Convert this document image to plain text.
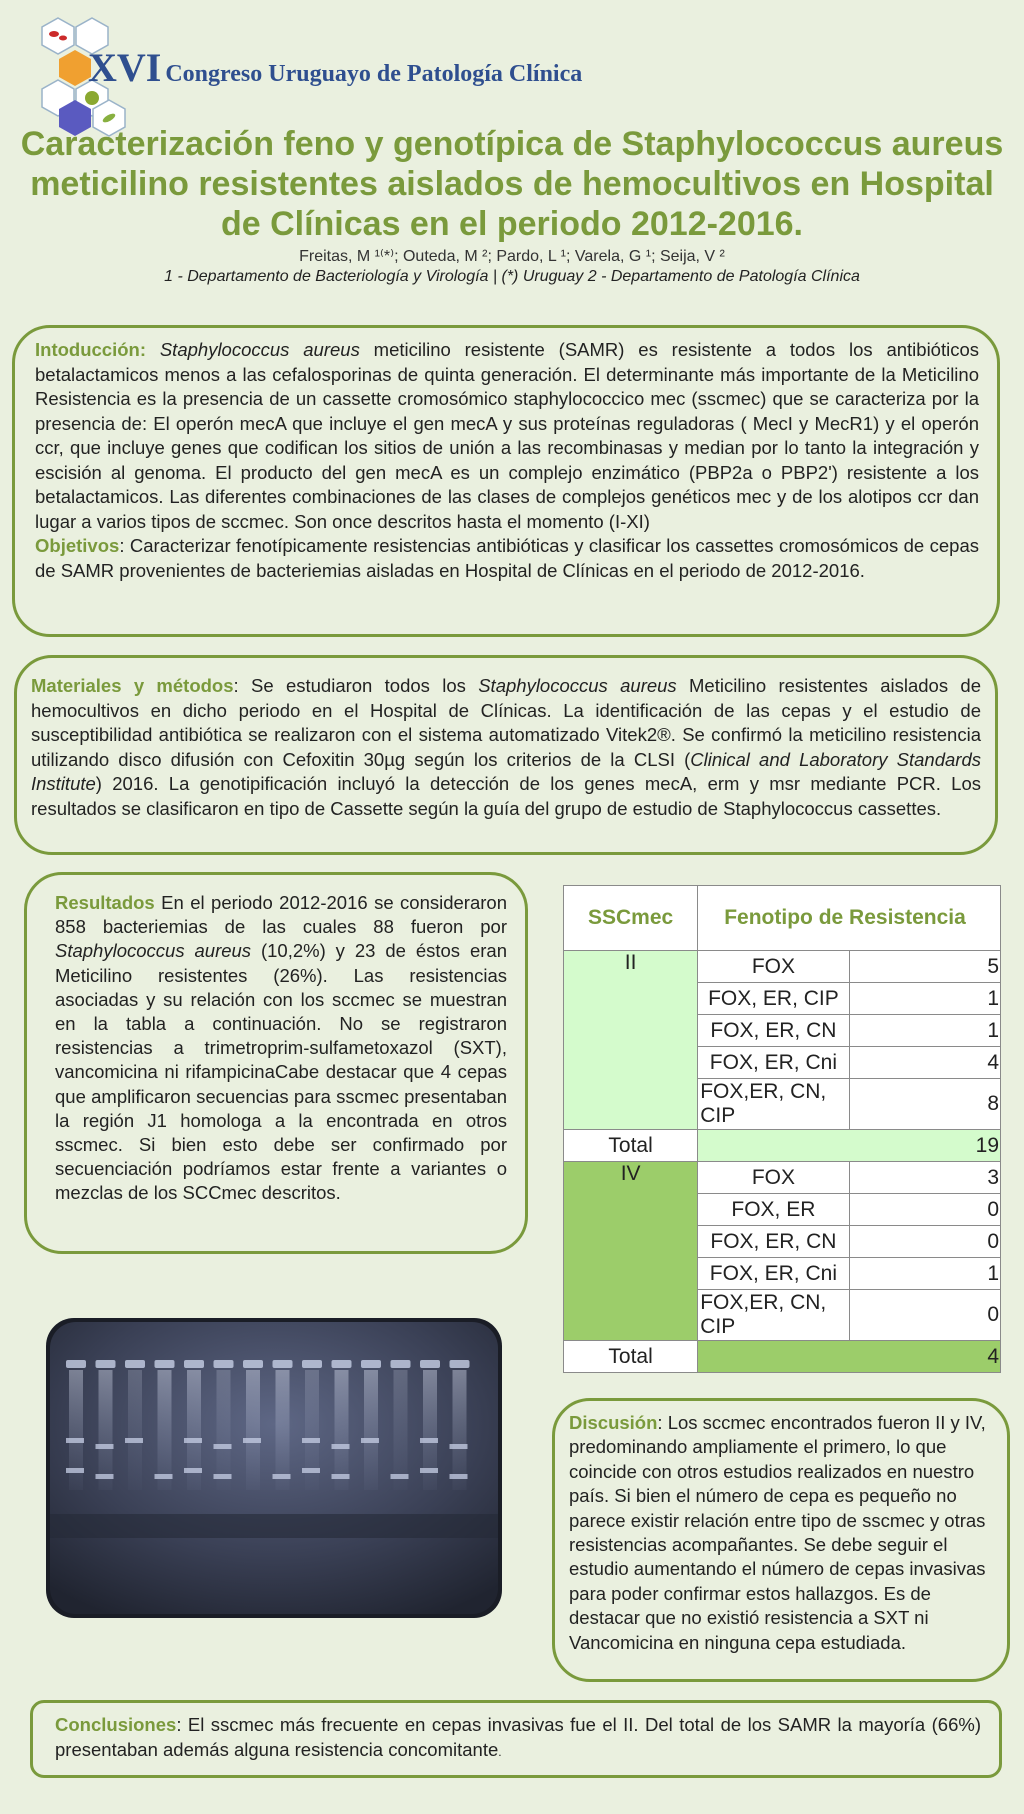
XVI Congreso Uruguayo de Patología Clínica
Caracterización feno y genotípica de Staphylococcus aureus meticilino resistentes aislados de hemocultivos en Hospital de Clínicas en el periodo 2012-2016.
Freitas, M ¹⁽*⁾; Outeda, M ²; Pardo, L ¹; Varela, G ¹; Seija, V ²
1 - Departamento de Bacteriología y Virología | (*) Uruguay 2 - Departamento de Patología Clínica
Intoducción: Staphylococcus aureus meticilino resistente (SAMR) es resistente a todos los antibióticos betalactamicos menos a las cefalosporinas de quinta generación. El determinante más importante de la Meticilino Resistencia es la presencia de un cassette cromosómico staphylococcico mec (sscmec) que se caracteriza por la presencia de: El operón mecA que incluye el gen mecA y sus proteínas reguladoras ( MecI y MecR1) y el operón ccr, que incluye genes que codifican los sitios de unión a las recombinasas y median por lo tanto la integración y escisión al genoma. El producto del gen mecA es un complejo enzimático (PBP2a o PBP2') resistente a los betalactamicos. Las diferentes combinaciones de las clases de complejos genéticos mec y de los alotipos ccr dan lugar a varios tipos de sccmec. Son once descritos hasta el momento (I-XI)
Objetivos: Caracterizar fenotípicamente resistencias antibióticas y clasificar los cassettes cromosómicos de cepas de SAMR provenientes de bacteriemias aisladas en Hospital de Clínicas en el periodo de 2012-2016.
Materiales y métodos: Se estudiaron todos los Staphylococcus aureus Meticilino resistentes aislados de hemocultivos en dicho periodo en el Hospital de Clínicas. La identificación de las cepas y el estudio de susceptibilidad antibiótica se realizaron con el sistema automatizado Vitek2®. Se confirmó la meticilino resistencia utilizando disco difusión con Cefoxitin 30µg según los criterios de la CLSI (Clinical and Laboratory Standards Institute) 2016. La genotipificación incluyó la detección de los genes mecA, erm y msr mediante PCR. Los resultados se clasificaron en tipo de Cassette según la guía del grupo de estudio de Staphylococcus cassettes.
Resultados En el periodo 2012-2016 se consideraron 858 bacteriemias de las cuales 88 fueron por Staphylococcus aureus (10,2%) y 23 de éstos eran Meticilino resistentes (26%). Las resistencias asociadas y su relación con los sccmec se muestran en la tabla a continuación. No se registraron resistencias a trimetroprim-sulfametoxazol (SXT), vancomicina ni rifampicinaCabe destacar que 4 cepas que amplificaron secuencias para sscmec presentaban la región J1 homologa a la encontrada en otros sscmec. Si bien esto debe ser confirmado por secuenciación podríamos estar frente a variantes o mezclas de los SCCmec descritos.
SSCmec	Fenotipo de Resistencia	
II	FOX	5
	FOX, ER, CIP	1
	FOX, ER, CN	1
	FOX, ER, Cni	4
	FOX,ER, CN, CIP	8
Total	19	
IV	FOX	3
	FOX, ER	0
	FOX, ER, CN	0
	FOX, ER, Cni	1
	FOX,ER, CN, CIP	0
Total	4	
Discusión: Los sccmec encontrados fueron II y IV, predominando ampliamente el primero, lo que coincide con otros estudios realizados en nuestro país. Si bien el número de cepa es pequeño no parece existir relación entre tipo de sscmec y otras resistencias acompañantes. Se debe seguir el estudio aumentando el número de cepas invasivas para poder confirmar estos hallazgos. Es de destacar que no existió resistencia a SXT ni Vancomicina en ninguna cepa estudiada.
Conclusiones: El sscmec más frecuente en cepas invasivas fue el II. Del total de los SAMR la mayoría (66%) presentaban además alguna resistencia concomitante.
